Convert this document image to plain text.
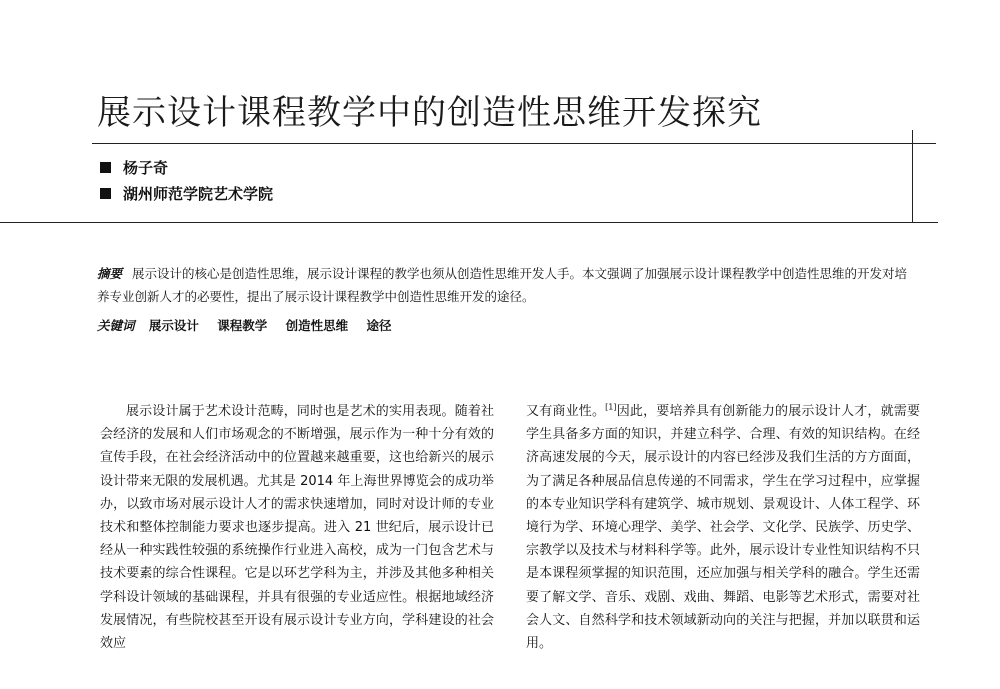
展示设计课程教学中的创造性思维开发探究
杨子奇
湖州师范学院艺术学院
摘要 展示设计的核心是创造性思维，展示设计课程的教学也须从创造性思维开发人手。本文强调了加强展示设计课程教学中创造性思维的开发对培养专业创新人才的必要性，提出了展示设计课程教学中创造性思维开发的途径。
关键词 展示设计 课程教学 创造性思维 途径
展示设计属于艺术设计范畴，同时也是艺术的实用表现。随着社会经济的发展和人们市场观念的不断增强，展示作为一种十分有效的宣传手段，在社会经济活动中的位置越来越重要，这也给新兴的展示设计带来无限的发展机遇。尤其是 2014 年上海世界博览会的成功举办，以致市场对展示设计人才的需求快速增加，同时对设计师的专业技术和整体控制能力要求也逐步提高。进入 21 世纪后，展示设计已经从一种实践性较强的系统操作行业进入高校，成为一门包含艺术与技术要素的综合性课程。它是以环艺学科为主，并涉及其他多种相关学科设计领域的基础课程，并具有很强的专业适应性。根据地域经济发展情况，有些院校甚至开设有展示设计专业方向，学科建设的社会效应
又有商业性。[1]因此，要培养具有创新能力的展示设计人才，就需要学生具备多方面的知识，并建立科学、合理、有效的知识结构。在经济高速发展的今天，展示设计的内容已经涉及我们生活的方方面面，为了满足各种展品信息传递的不同需求，学生在学习过程中，应掌握的本专业知识学科有建筑学、城市规划、景观设计、人体工程学、环境行为学、环境心理学、美学、社会学、文化学、民族学、历史学、宗教学以及技术与材料科学等。此外，展示设计专业性知识结构不只是本课程须掌握的知识范围，还应加强与相关学科的融合。学生还需要了解文学、音乐、戏剧、戏曲、舞蹈、电影等艺术形式，需要对社会人文、自然科学和技术领域新动向的关注与把握，并加以联贯和运用。
